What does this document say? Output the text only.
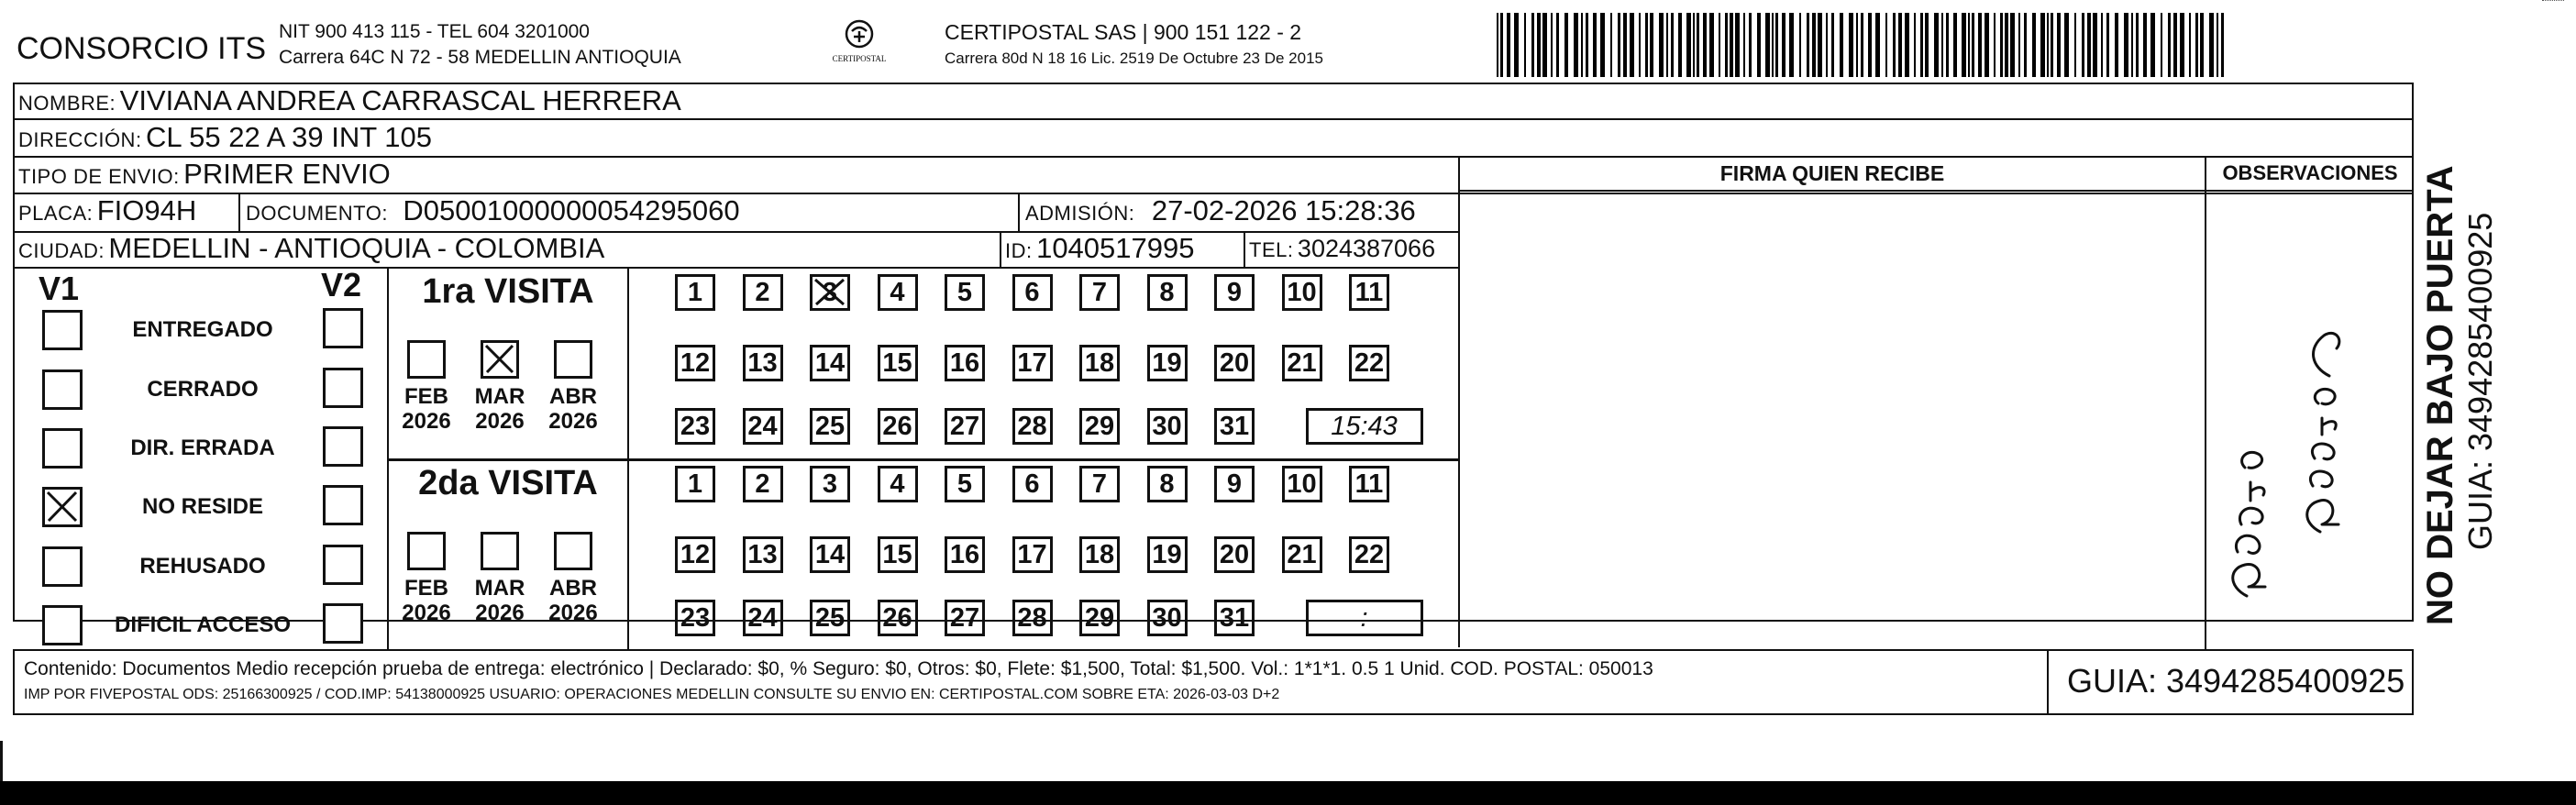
CONSORCIO ITS NIT 900 413 115 - TEL 604 3201000
Carrera 64C N 72 - 58 MEDELLIN ANTIOQUIA	CERTIPOSTAL
CERTIPOSTAL SAS | 900 151 122 - 2
Carrera 80d N 18 16 Lic. 2519 De Octubre 23 De 2015
NOMBRE: VIVIANA ANDREA CARRASCAL HERRERA
DIRECCIÓN: CL 55 22 A 39 INT 105
TIPO DE ENVIO: PRIMER ENVIO	FIRMA QUIEN RECIBE	OBSERVACIONES
PLACA: FIO94H DOCUMENTO: D05001000000054295060	ADMISIÓN: 27-02-2026 15:28:36
CIUDAD: MEDELLIN - ANTIOQUIA - COLOMBIA	ID: 1040517995	TEL: 3024387066
V1	V2
ENTREGADO
CERRADO
DIR. ERRADA
NO RESIDE
REHUSADO
DIFICIL ACCESO
1ra VISITA
FEB
2026
MAR
2026
ABR
2026
1 2 3 4 5 6 7 8 9 10 11
12 13 14 15 16 17 18 19 20 21 22
23 24 25 26 27 28 29 30 31	15:43
2da VISITA
FEB
2026
MAR
2026
ABR
2026
1 2 3 4 5 6 7 8 9 10 11
12 13 14 15 16 17 18 19 20 21 22
23 24 25 26 27 28 29 30 31	:	NO DEJAR BAJO PUERTA GUIA: 3494285400925
Contenido: Documentos Medio recepción prueba de entrega: electrónico | Declarado: $0, % Seguro: $0, Otros: $0, Flete: $1,500, Total: $1,500. Vol.: 1*1*1. 0.5 1 Unid. COD. POSTAL: 050013
IMP POR FIVEPOSTAL ODS: 25166300925 / COD.IMP: 54138000925 USUARIO: OPERACIONES MEDELLIN CONSULTE SU ENVIO EN: CERTIPOSTAL.COM SOBRE ETA: 2026-03-03 D+2	GUIA: 3494285400925
